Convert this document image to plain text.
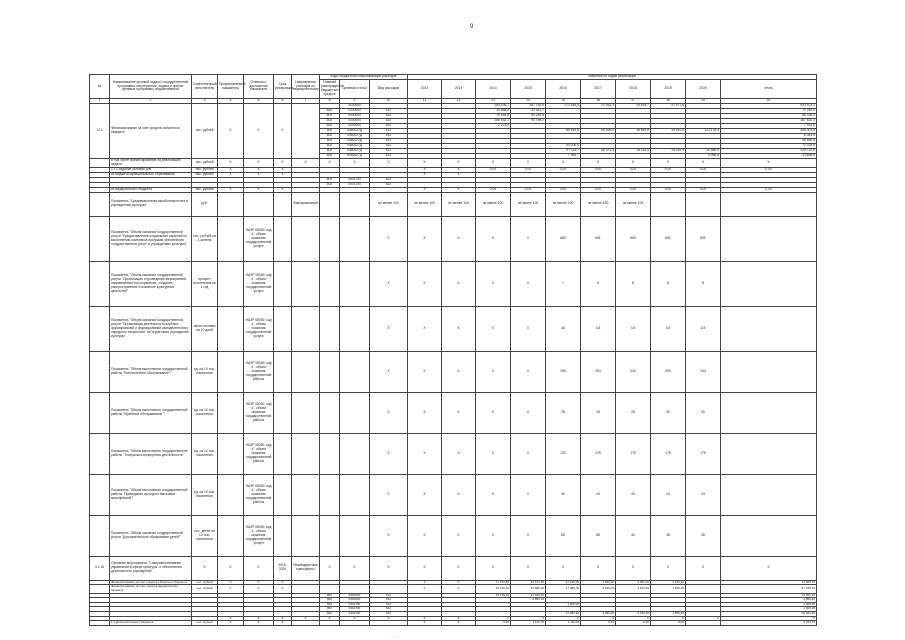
9
№	Наименование целевой задачи, государственной программы, мероприятия, задачи и прочие целевые программы, ведомственной	Ответственный исполнитель	Предполагаемый показатель	Отметка о достижении показателя	Срок реализации	Направления расходов по ведомственному	Коды бюджетной классификации расходов			Значения по годам реализации									
							Главный распорядитель бюджетных средств	Целевая статья	Вид расходов	2012	2013	2014	2015	2016	2017	2018	2019	2020	Итого

1	2	3	4	5	6	7	8	9	10	11	12	13	14	15	16	17	18	19	20
12.1	Финансирование за счет средств областного бюджета	тыс. рублей	X	X	X			3030000				264 195,1	287 752,9	272 549,5	21 951,3	19 493,7	47 477,6		933 421,1
							802	0300000	612			16 898,8	33 341,7						71 240,5
							802	0300000	613			76 185,8	50 249,5						66 435,2
							802	0300000	622			285 933,1	90 798,2						167 632,3
							802	0300000	622			2 223,5							7 923,6
							802	0360027Д	612					69 919,5	84 329,0	18 853,8	19 151,8	112 178,3	456 301,9
							802	0360027Д	612										8 341,9
							802	0360027Д	612										58 890,8
							802	0360027Д	612					60 000,0					71 376,0
							802	0360027Д	612					97 113,7	45 371,3	15 118,5	15 181,9	15 586,9	129 722,9
							802	0360027Д	612					7 963,7				4 956,8	13 696,6
	в том числе финансирование на реализацию задачи	тыс. рублей	X	X	X	X	X	X	X	X	X	X	X	X	X	X	X	X	X
	1.1 Создание условий для	тыс. рублей	X	X	X					X	X	0,00	0,00	0,00	0,00	0,00	0,00	0,00	0,00
	из бюджета муниципальных образований	тыс. рублей	X	X	X					X	X								
							802	0401700	622										
							802	0401700	622										
	из федерального бюджета	тыс. рублей	X	X	X					X	X	0,00	0,00	0,00	0,00	0,00	0,00	0,00	0,00
	Показатель "Среднемесячная заработная плата в учреждениях культуры"	руб.				Фиксированный			не менее 100	не менее 100	не менее 100	не менее 100	не менее 100	не менее 100	не менее 100	не менее 100			
	Показатель "Объем оказания государственной услуги "Предоставление социальных гарантий по выполнению комплекса программ обеспечения государственных услуг" в учреждениях культуры"	тыс. рублей на 1 жителя		НАЗР 08000, код 4 - объем оказания государственной услуги					X	X	X	X	X	662	691	683	691	691	
	Показатель "Объем оказания государственной услуги "Организация и проведение мероприятий, направленных на сохранение, создание, распространение и освоение культурных ценностей"	процент исполнения на 1 год		НАЗР 08000, код 4 - объем оказания государственной услуги					X	X	X	X	X	7	6	8	8	8	
	Показатель "Объем оказания государственной услуги "Организация деятельности клубных формирований и формирований самодеятельного народного творчества" на территории учреждений культуры"	тысяч человек на 10 дней		НАЗР 08000, код 4 - объем оказания государственной услуги					X	X	X	X	X	46	3,5	3,5	3,5	3,5	
	Показатель "Объем выполнения государственной работы "Библиотечное обслуживание""	ед. на 10 тыс. населения		НАЗР 08000, код 4 - объем оказания государственной работы					X	X	X	X	X	296	294	244	294	244	
	Показатель "Объем выполнения государственной работы "Музейное обслуживание""	ед. на 10 тыс. населения		НАЗР 08000, код 4 - объем оказания государственной работы					X	X	X	X	X	28	28	28	30	30	
	Показатель "Объем выполнения государственной работы "Театрально-концертная деятельность""	ед. на 10 тыс. населения		НАЗР 08000, код 4 - объем оказания государственной работы					X	X	X	X	X	120	175	175	175	175	
	Показатель "Объем выполнения государственной работы "Проведение культурно-массовых мероприятий""	ед. на 10 тыс. населения		НАЗР 08000, код 4 - объем оказания государственной работы					X	X	X	X	X	40	43	43	43	43	
	Показатель "Объем оказания государственной услуги "Дополнительное образование детей""	тыс. детей на 10 тыс. населения		НАЗР 08000, код 4 - объем оказания государственной услуги					X	X	X	X	X	68	88	40	36	36	
3.1.16	Основное мероприятие "Совершенствование управления в сфере культуры" и обеспечения деятельности учреждений	X	X	X	2019-2020	Межбюджетные трансферты	X	X	X	X	X	X	X	X	X	X	X	X	X
	Финансирование за счет средств областного бюджета	тыс. рублей	X	X	X					X	X	71 272,80	31 571,30	37 210,50	1 000,00	4 001,10	2 152,00		44 665,70
	Финансирование за счет средств федерального бюджета	тыс. рублей	X	X	X					X	X	15 145,40	16 686,00	17 085,70	6 010,00	4 101,40	1 556,00		67 155,90
							802	0360000	612			16 115,40	11 943,00						19 861,40
							802	0360000	612				4 850,20						4 850,20
							802	0401700	612					1 000,00					2 000,00
							802	0401700	612										1 000,00
							802	0401700	612					11 282,30	4 000,00	4 156,20	1 556,00		20 931,20
			X	X	X	X	X	X	X	X	X	X	X	X	X	X	X	X	X
	1.1.Дополнительного бюджета	тыс. рублей	X	X	X					X	X	0,00	1 112,70	1 111,00	0,00	0,00	0,00		2 224,70
· · ·
